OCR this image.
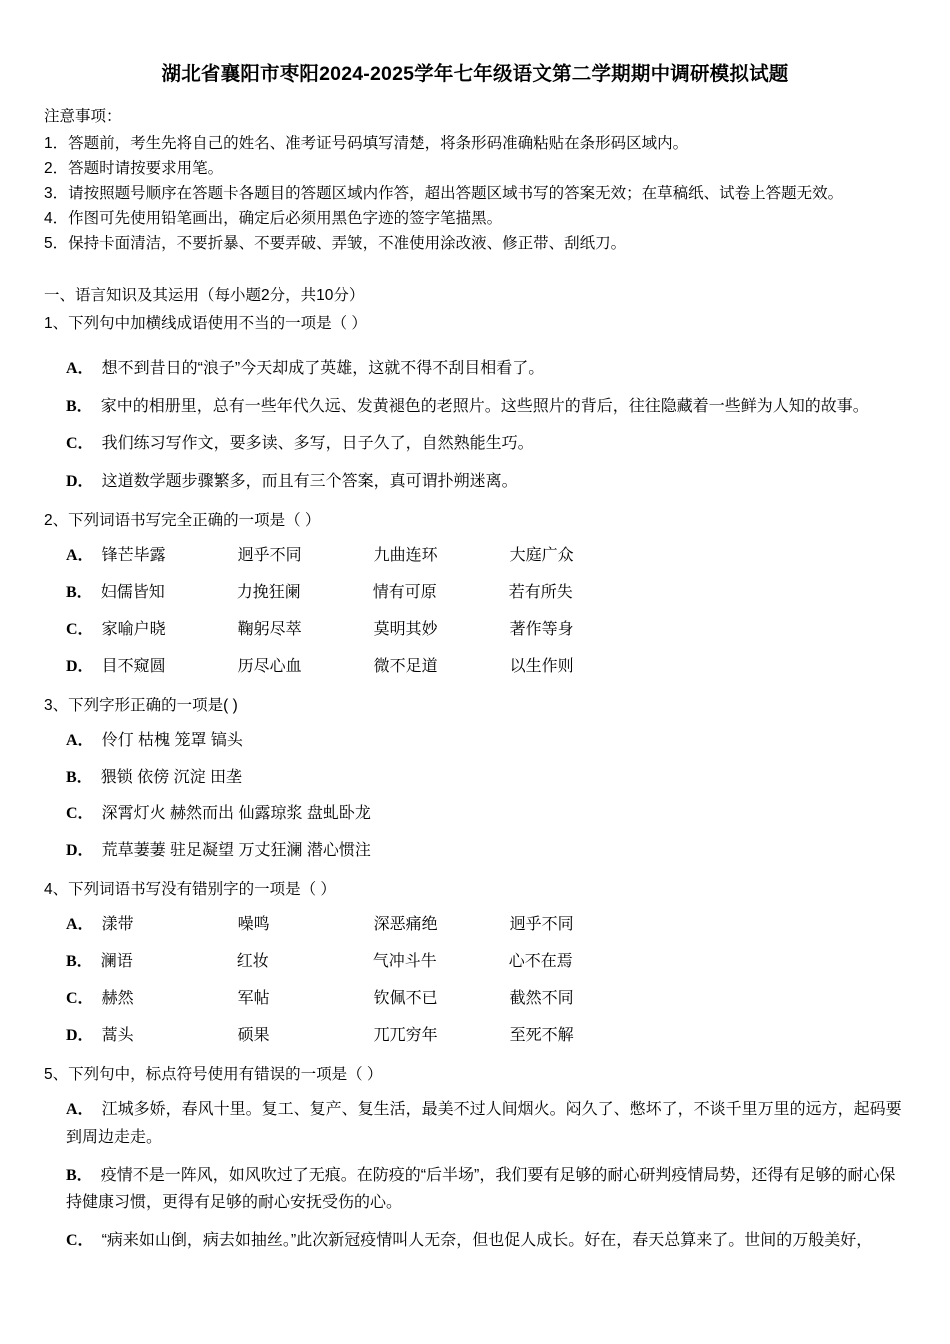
湖北省襄阳市枣阳2024-2025学年七年级语文第二学期期中调研模拟试题
注意事项：
1．答题前，考生先将自己的姓名、准考证号码填写清楚，将条形码准确粘贴在条形码区域内。
2．答题时请按要求用笔。
3．请按照题号顺序在答题卡各题目的答题区域内作答，超出答题区域书写的答案无效；在草稿纸、试卷上答题无效。
4．作图可先使用铅笔画出，确定后必须用黑色字迹的签字笔描黑。
5．保持卡面清洁，不要折暴、不要弄破、弄皱，不准使用涂改液、修正带、刮纸刀。
一、语言知识及其运用（每小题2分，共10分）
1、下列句中加横线成语使用不当的一项是（ ）
A． 想不到昔日的“浪子”今天却成了英雄，这就不得不刮目相看了。
B． 家中的相册里，总有一些年代久远、发黄褪色的老照片。这些照片的背后，往往隐藏着一些鲜为人知的故事。
C． 我们练习写作文，要多读、多写，日子久了，自然熟能生巧。
D． 这道数学题步骤繁多，而且有三个答案，真可谓扑朔迷离。
2、下列词语书写完全正确的一项是（ ）
A． 锋芒毕露	迥乎不同	九曲连环	大庭广众
B． 妇儒皆知	力挽狂阑	情有可原	若有所失
C． 家喻户晓	鞠躬尽萃	莫明其妙	著作等身
D． 目不窥圆	历尽心血	微不足道	以生作则
3、下列字形正确的一项是( )
A． 伶仃 枯槐 笼罩 镐头
B． 猥锁 依傍 沉淀 田垄
C． 深霄灯火 赫然而出 仙露琼浆 盘虬卧龙
D． 荒草萋萋 驻足凝望 万丈狂澜 潜心惯注
4、下列词语书写没有错别字的一项是（ ）
A． 漾带	噪鸣	深恶痛绝	迥乎不同
B． 澜语	红妆	气冲斗牛	心不在焉
C． 赫然	军帖	钦佩不已	截然不同
D． 蒿头	硕果	兀兀穷年	至死不解
5、下列句中，标点符号使用有错误的一项是（ ）
A． 江城多娇，春风十里。复工、复产、复生活，最美不过人间烟火。闷久了、憋坏了，不谈千里万里的远方，起码要到周边走走。
B． 疫情不是一阵风，如风吹过了无痕。在防疫的“后半场”，我们要有足够的耐心研判疫情局势，还得有足够的耐心保持健康习惯，更得有足够的耐心安抚受伤的心。
C． “病来如山倒，病去如抽丝。”此次新冠疫情叫人无奈，但也促人成长。好在，春天总算来了。世间的万般美好，
